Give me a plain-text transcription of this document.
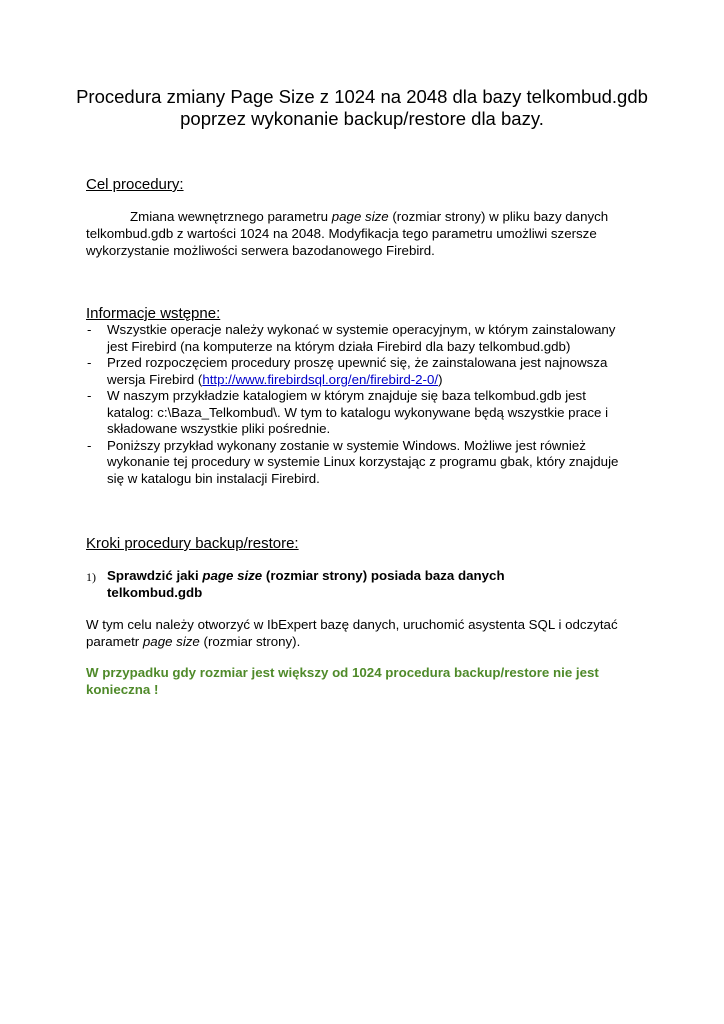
Procedura zmiany Page Size z 1024 na 2048 dla bazy telkombud.gdb
poprzez wykonanie backup/restore dla bazy.
Cel procedury:
Zmiana wewnętrznego parametru page size (rozmiar strony) w pliku bazy danych
telkombud.gdb z wartości 1024 na 2048. Modyfikacja tego parametru umożliwi szersze
wykorzystanie możliwości serwera bazodanowego Firebird.
Informacje wstępne:
- Wszystkie operacje należy wykonać w systemie operacyjnym, w którym zainstalowany
jest Firebird (na komputerze na którym działa Firebird dla bazy telkombud.gdb)
- Przed rozpoczęciem procedury proszę upewnić się, że zainstalowana jest najnowsza
wersja Firebird (http://www.firebirdsql.org/en/firebird-2-0/)
- W naszym przykładzie katalogiem w którym znajduje się baza telkombud.gdb jest
katalog: c:\Baza_Telkombud\. W tym to katalogu wykonywane będą wszystkie prace i
składowane wszystkie pliki pośrednie.
- Poniższy przykład wykonany zostanie w systemie Windows. Możliwe jest również
wykonanie tej procedury w systemie Linux korzystając z programu gbak, który znajduje
się w katalogu bin instalacji Firebird.
Kroki procedury backup/restore:
1) Sprawdzić jaki page size (rozmiar strony) posiada baza danych
telkombud.gdb
W tym celu należy otworzyć w IbExpert bazę danych, uruchomić asystenta SQL i odczytać
parametr page size (rozmiar strony).
W przypadku gdy rozmiar jest większy od 1024 procedura backup/restore nie jest
konieczna !
